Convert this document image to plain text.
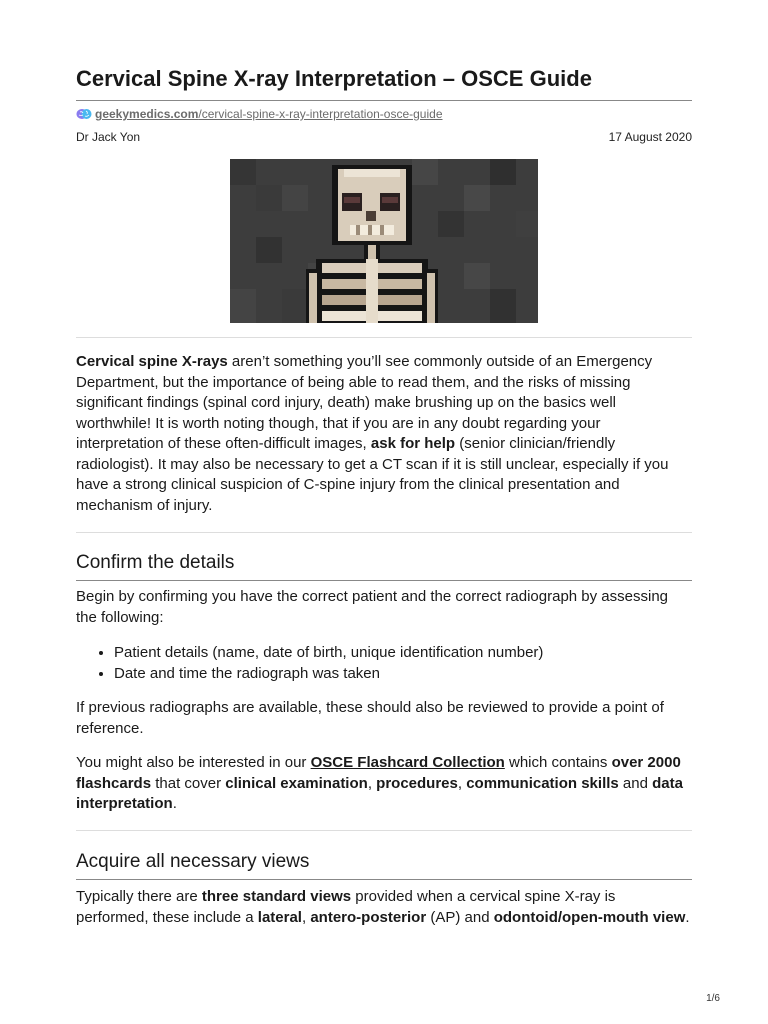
Cervical Spine X-ray Interpretation – OSCE Guide
geekymedics.com/cervical-spine-x-ray-interpretation-osce-guide
Dr Jack Yon	17 August 2020

Cervical spine X-rays aren’t something you’ll see commonly outside of an Emergency Department, but the importance of being able to read them, and the risks of missing significant findings (spinal cord injury, death) make brushing up on the basics well worthwhile! It is worth noting though, that if you are in any doubt regarding your interpretation of these often-difficult images, ask for help (senior clinician/friendly radiologist). It may also be necessary to get a CT scan if it is still unclear, especially if you have a strong clinical suspicion of C-spine injury from the clinical presentation and mechanism of injury.

Confirm the details

Begin by confirming you have the correct patient and the correct radiograph by assessing the following:

• Patient details (name, date of birth, unique identification number)
• Date and time the radiograph was taken

If previous radiographs are available, these should also be reviewed to provide a point of reference.

You might also be interested in our OSCE Flashcard Collection which contains over 2000 flashcards that cover clinical examination, procedures, communication skills and data interpretation.

Acquire all necessary views

Typically there are three standard views provided when a cervical spine X-ray is performed, these include a lateral, antero-posterior (AP) and odontoid/open-mouth view.

1/6
